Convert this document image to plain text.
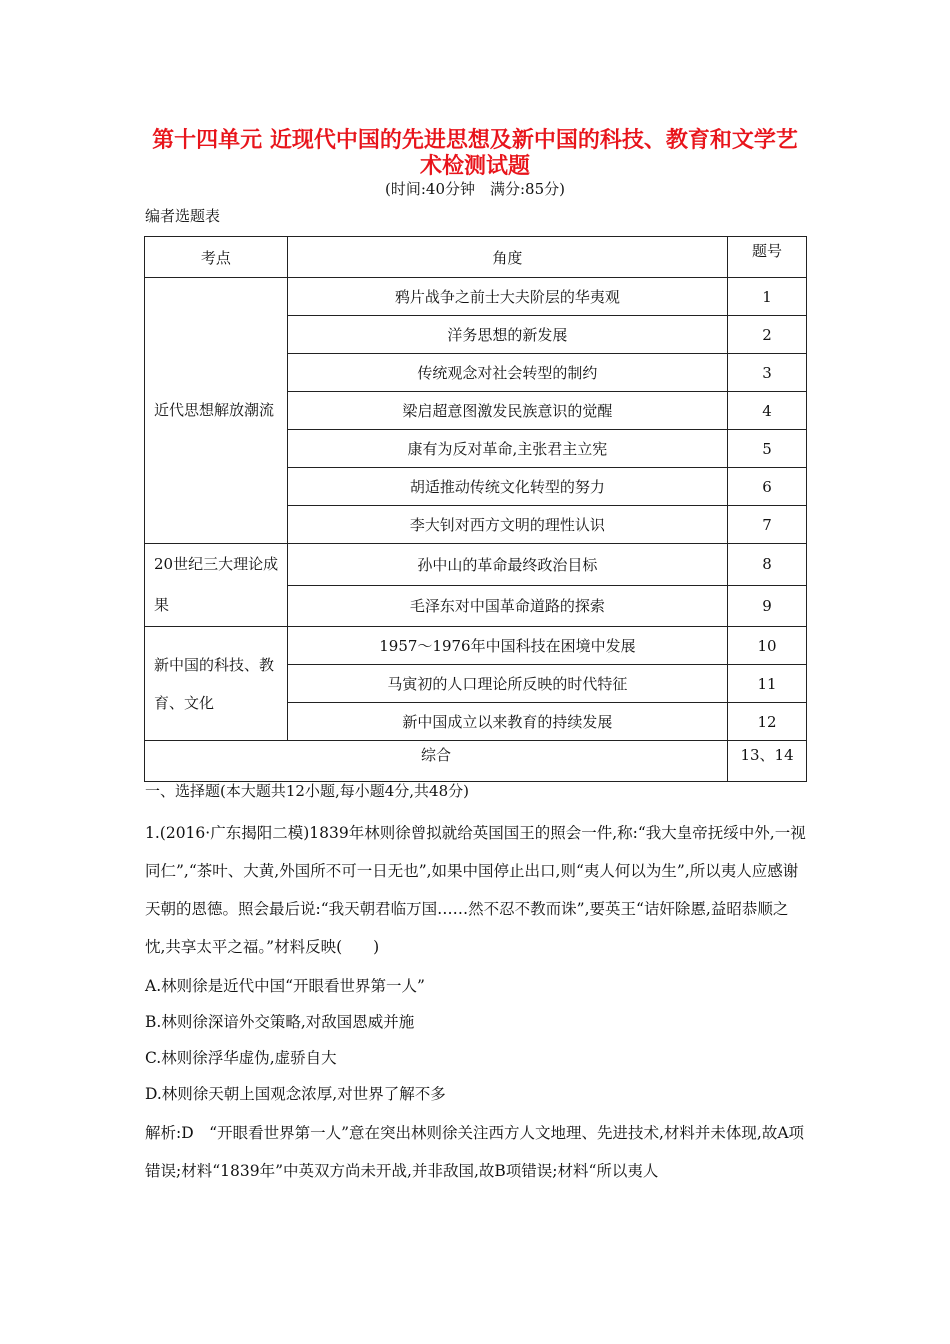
第十四单元 近现代中国的先进思想及新中国的科技、教育和文学艺
术检测试题
(时间:40分钟　满分:85分)
编者选题表
考点	角度	题号
近代思想解放潮流	鸦片战争之前士大夫阶层的华夷观	1
	洋务思想的新发展	2
	传统观念对社会转型的制约	3
	梁启超意图激发民族意识的觉醒	4
	康有为反对革命,主张君主立宪	5
	胡适推动传统文化转型的努力	6
	李大钊对西方文明的理性认识	7
20世纪三大理论成果	孙中山的革命最终政治目标	8
	毛泽东对中国革命道路的探索	9
新中国的科技、教育、文化	1957～1976年中国科技在困境中发展	10
	马寅初的人口理论所反映的时代特征	11
	新中国成立以来教育的持续发展	12
综合		13、14
一、选择题(本大题共12小题,每小题4分,共48分)
1.(2016·广东揭阳二模)1839年林则徐曾拟就给英国国王的照会一件,称:“我大皇帝抚绥中外,一视同仁”,“茶叶、大黄,外国所不可一日无也”,如果中国停止出口,则“夷人何以为生”,所以夷人应感谢天朝的恩德。照会最后说:“我天朝君临万国……然不忍不教而诛”,要英王“诘奸除慝,益昭恭顺之忱,共享太平之福。”材料反映(　　)
A.林则徐是近代中国“开眼看世界第一人”
B.林则徐深谙外交策略,对敌国恩威并施
C.林则徐浮华虚伪,虚骄自大
D.林则徐天朝上国观念浓厚,对世界了解不多
解析:D　“开眼看世界第一人”意在突出林则徐关注西方人文地理、先进技术,材料并未体现,故A项错误;材料“1839年”中英双方尚未开战,并非敌国,故B项错误;材料“所以夷人
